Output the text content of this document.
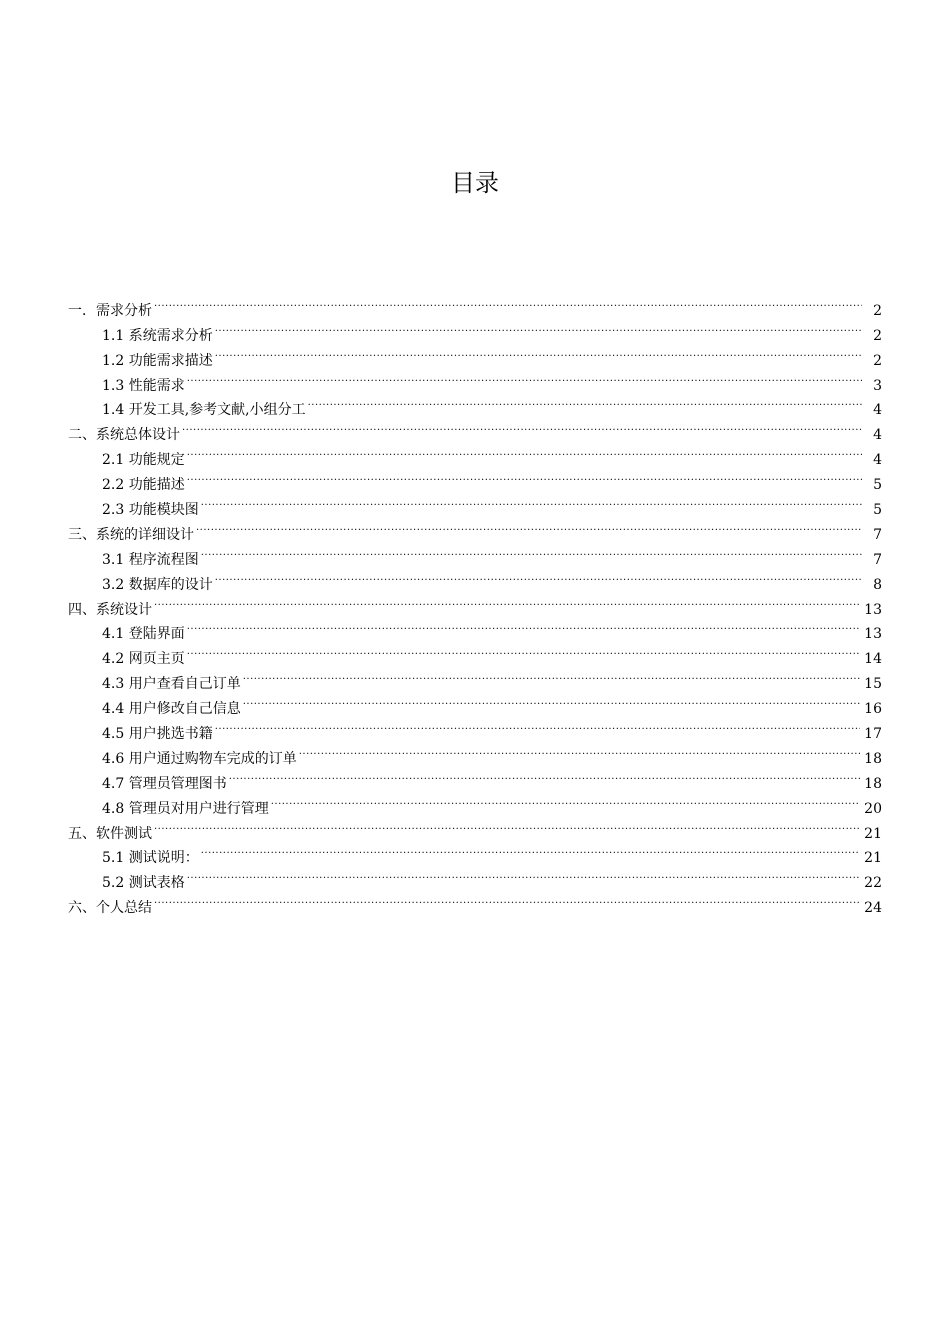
目录
一．需求分析 .....	2
1.1 系统需求分析 .....	2
1.2 功能需求描述 .....	2
1.3 性能需求 .....	3
1.4 开发工具,参考文献,小组分工 .....	4
二、系统总体设计 .....	4
2.1 功能规定 .....	4
2.2 功能描述 .....	5
2.3 功能模块图 .....	5
三、系统的详细设计 .....	7
3.1 程序流程图 .....	7
3.2 数据库的设计 .....	8
四、系统设计 .....	13
4.1 登陆界面 .....	13
4.2 网页主页 .....	14
4.3 用户查看自己订单 .....	15
4.4 用户修改自己信息 .....	16
4.5 用户挑选书籍 .....	17
4.6 用户通过购物车完成的订单 .....	18
4.7 管理员管理图书 .....	18
4.8 管理员对用户进行管理 .....	20
五、软件测试 .....	21
5.1 测试说明： .....	21
5.2 测试表格 .....	22
六、个人总结 .....	24
